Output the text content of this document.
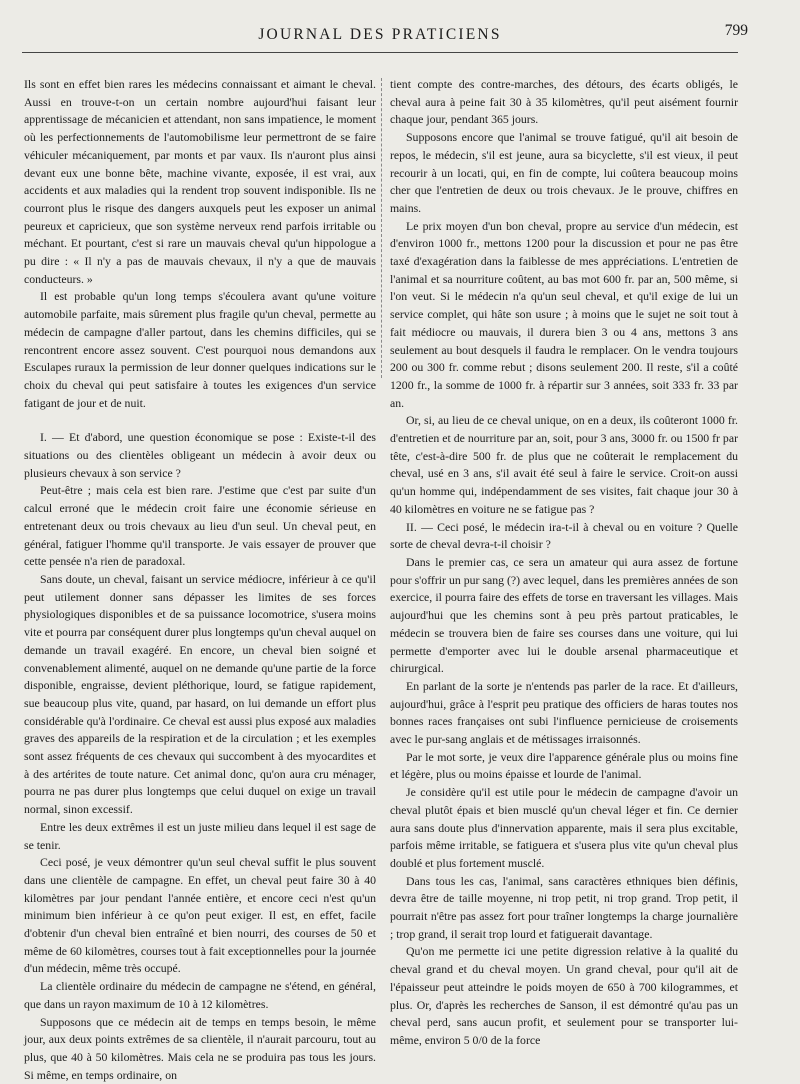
JOURNAL DES PRATICIENS	799

Ils sont en effet bien rares les médecins connaissant et aimant le cheval. Aussi en trouve-t-on un certain nombre aujourd'hui faisant leur apprentissage de mécanicien et attendant, non sans impatience, le moment où les perfectionnements de l'automobilisme leur permettront de se faire véhiculer mécaniquement, par monts et par vaux. Ils n'auront plus ainsi devant eux une bonne bête, machine vivante, exposée, il est vrai, aux accidents et aux maladies qui la rendent trop souvent indisponible. Ils ne courront plus le risque des dangers auxquels peut les exposer un animal peureux et capricieux, que son système nerveux rend parfois irritable ou méchant. Et pourtant, c'est si rare un mauvais cheval qu'un hippologue a pu dire : « Il n'y a pas de mauvais chevaux, il n'y a que de mauvais conducteurs. »

Il est probable qu'un long temps s'écoulera avant qu'une voiture automobile parfaite, mais sûrement plus fragile qu'un cheval, permette au médecin de campagne d'aller partout, dans les chemins difficiles, qui se rencontrent encore assez souvent. C'est pourquoi nous demandons aux Esculapes ruraux la permission de leur donner quelques indications sur le choix du cheval qui peut satisfaire à toutes les exigences d'un service fatigant de jour et de nuit.

I. — Et d'abord, une question économique se pose : Existe-t-il des situations ou des clientèles obligeant un médecin à avoir deux ou plusieurs chevaux à son service ?

Peut-être ; mais cela est bien rare. J'estime que c'est par suite d'un calcul erroné que le médecin croit faire une économie sérieuse en entretenant deux ou trois chevaux au lieu d'un seul. Un cheval peut, en général, fatiguer l'homme qu'il transporte. Je vais essayer de prouver que cette pensée n'a rien de paradoxal.

Sans doute, un cheval, faisant un service médiocre, inférieur à ce qu'il peut utilement donner sans dépasser les limites de ses forces physiologiques disponibles et de sa puissance locomotrice, s'usera moins vite et pourra par conséquent durer plus longtemps qu'un cheval auquel on demande un travail exagéré. En encore, un cheval bien soigné et convenablement alimenté, auquel on ne demande qu'une partie de la force disponible, engraisse, devient pléthorique, lourd, se fatigue rapidement, sue beaucoup plus vite, quand, par hasard, on lui demande un effort plus considérable qu'à l'ordinaire. Ce cheval est aussi plus exposé aux maladies graves des appareils de la respiration et de la circulation ; et les exemples sont assez fréquents de ces chevaux qui succombent à des myocardites et à des artérites de toute nature. Cet animal donc, qu'on aura cru ménager, pourra ne pas durer plus longtemps que celui duquel on exige un travail normal, sinon excessif.

Entre les deux extrêmes il est un juste milieu dans lequel il est sage de se tenir.

Ceci posé, je veux démontrer qu'un seul cheval suffit le plus souvent dans une clientèle de campagne. En effet, un cheval peut faire 30 à 40 kilomètres par jour pendant l'année entière, et encore ceci n'est qu'un minimum bien inférieur à ce qu'on peut exiger. Il est, en effet, facile d'obtenir d'un cheval bien entraîné et bien nourri, des courses de 50 et même de 60 kilomètres, courses tout à fait exceptionnelles pour la journée d'un médecin, même très occupé.

La clientèle ordinaire du médecin de campagne ne s'étend, en général, que dans un rayon maximum de 10 à 12 kilomètres.

Supposons que ce médecin ait de temps en temps besoin, le même jour, aux deux points extrêmes de sa clientèle, il n'aurait parcouru, tout au plus, que 40 à 50 kilomètres. Mais cela ne se produira pas tous les jours. Si même, en temps ordinaire, on

tient compte des contre-marches, des détours, des écarts obligés, le cheval aura à peine fait 30 à 35 kilomètres, qu'il peut aisément fournir chaque jour, pendant 365 jours.

Supposons encore que l'animal se trouve fatigué, qu'il ait besoin de repos, le médecin, s'il est jeune, aura sa bicyclette, s'il est vieux, il peut recourir à un locati, qui, en fin de compte, lui coûtera beaucoup moins cher que l'entretien de deux ou trois chevaux. Je le prouve, chiffres en mains.

Le prix moyen d'un bon cheval, propre au service d'un médecin, est d'environ 1000 fr., mettons 1200 pour la discussion et pour ne pas être taxé d'exagération dans la faiblesse de mes appréciations. L'entretien de l'animal et sa nourriture coûtent, au bas mot 600 fr. par an, 500 même, si l'on veut. Si le médecin n'a qu'un seul cheval, et qu'il exige de lui un service complet, qui hâte son usure ; à moins que le sujet ne soit tout à fait médiocre ou mauvais, il durera bien 3 ou 4 ans, mettons 3 ans seulement au bout desquels il faudra le remplacer. On le vendra toujours 200 ou 300 fr. comme rebut ; disons seulement 200. Il reste, s'il a coûté 1200 fr., la somme de 1000 fr. à répartir sur 3 années, soit 333 fr. 33 par an.

Or, si, au lieu de ce cheval unique, on en a deux, ils coûteront 1000 fr. d'entretien et de nourriture par an, soit, pour 3 ans, 3000 fr. ou 1500 fr par tête, c'est-à-dire 500 fr. de plus que ne coûterait le remplacement du cheval, usé en 3 ans, s'il avait été seul à faire le service. Croit-on aussi qu'un homme qui, indépendamment de ses visites, fait chaque jour 30 à 40 kilomètres en voiture ne se fatigue pas ?

II. — Ceci posé, le médecin ira-t-il à cheval ou en voiture ? Quelle sorte de cheval devra-t-il choisir ?

Dans le premier cas, ce sera un amateur qui aura assez de fortune pour s'offrir un pur sang (?) avec lequel, dans les premières années de son exercice, il pourra faire des effets de torse en traversant les villages. Mais aujourd'hui que les chemins sont à peu près partout praticables, le médecin se trouvera bien de faire ses courses dans une voiture, qui lui permette d'emporter avec lui le double arsenal pharmaceutique et chirurgical.

En parlant de la sorte je n'entends pas parler de la race. Et d'ailleurs, aujourd'hui, grâce à l'esprit peu pratique des officiers de haras toutes nos bonnes races françaises ont subi l'influence pernicieuse de croisements avec le pur-sang anglais et de métissages irraisonnés.

Par le mot sorte, je veux dire l'apparence générale plus ou moins fine et légère, plus ou moins épaisse et lourde de l'animal.

Je considère qu'il est utile pour le médecin de campagne d'avoir un cheval plutôt épais et bien musclé qu'un cheval léger et fin. Ce dernier aura sans doute plus d'innervation apparente, mais il sera plus excitable, parfois même irritable, se fatiguera et s'usera plus vite qu'un cheval plus doublé et plus fortement musclé.

Dans tous les cas, l'animal, sans caractères ethniques bien définis, devra être de taille moyenne, ni trop petit, ni trop grand. Trop petit, il pourrait n'être pas assez fort pour traîner longtemps la charge journalière ; trop grand, il serait trop lourd et fatiguerait davantage.

Qu'on me permette ici une petite digression relative à la qualité du cheval grand et du cheval moyen. Un grand cheval, pour qu'il ait de l'épaisseur peut atteindre le poids moyen de 650 à 700 kilogrammes, et plus. Or, d'après les recherches de Sanson, il est démontré qu'au pas un cheval perd, sans aucun profit, et seulement pour se transporter lui-même, environ 5 0/0 de la force
